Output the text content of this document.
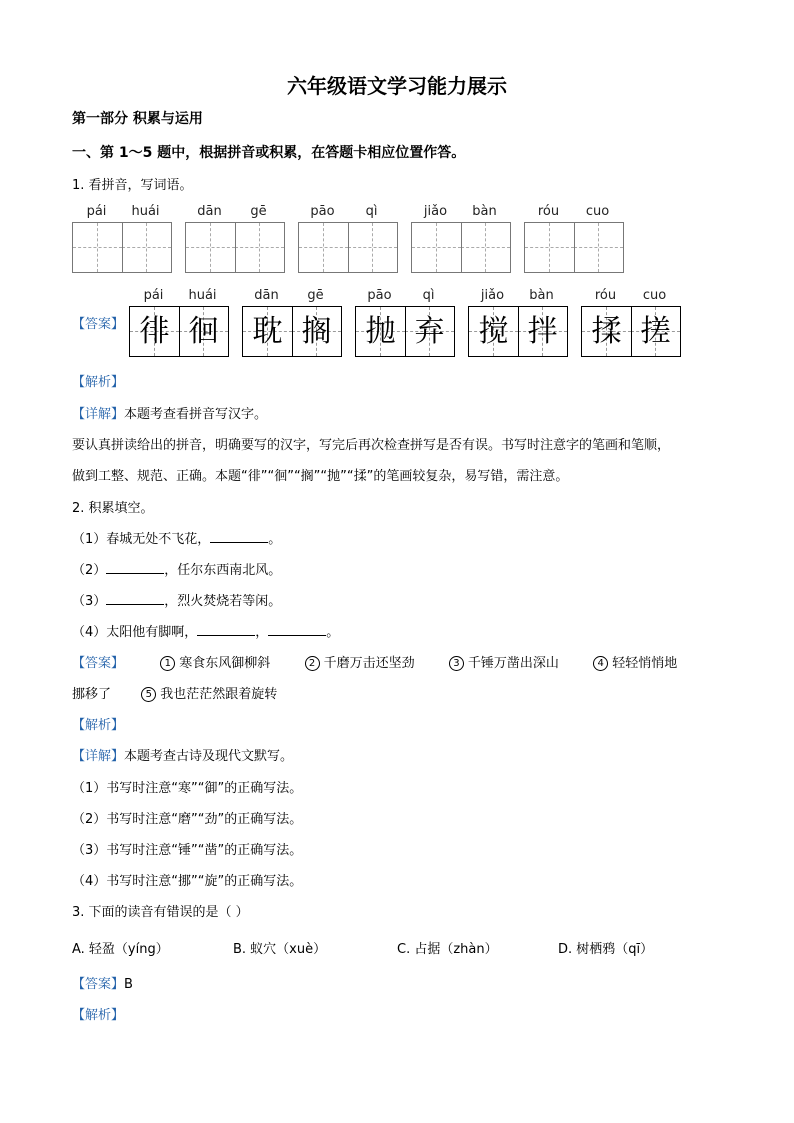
六年级语文学习能力展示
第一部分 积累与运用
一、第 1～5 题中，根据拼音或积累，在答题卡相应位置作答。
1. 看拼音，写词语。
pái	huái	dān	gē	pāo	qì	jiǎo	bàn	róu	cuo
【答案】
pái	huái	dān	gē	pāo	qì	jiǎo	bàn	róu	cuo
徘 徊	耽 搁	抛 弃	搅 拌	揉 搓
【解析】
【详解】本题考查看拼音写汉字。
要认真拼读给出的拼音，明确要写的汉字，写完后再次检查拼写是否有误。书写时注意字的笔画和笔顺，
做到工整、规范、正确。本题“徘”“徊”“搁”“抛”“揉”的笔画较复杂，易写错，需注意。
2. 积累填空。
（1）春城无处不飞花，	。
（2）	，任尔东西南北风。
（3）	，烈火焚烧若等闲。
（4）太阳他有脚啊，	，	。
【答案】	1 寒食东风御柳斜	2 千磨万击还坚劲	3 千锤万凿出深山	4 轻轻悄悄地
挪移了	5 我也茫茫然跟着旋转
【解析】
【详解】本题考查古诗及现代文默写。
（1）书写时注意“寒”“御”的正确写法。
（2）书写时注意“磨”“劲”的正确写法。
（3）书写时注意“锤”“凿”的正确写法。
（4）书写时注意“挪”“旋”的正确写法。
3. 下面的读音有错误的是（ ）
A. 轻盈（yíng）	B. 蚁穴（xuè）	C. 占据（zhàn）	D. 树栖鸦（qī）
【答案】B
【解析】
